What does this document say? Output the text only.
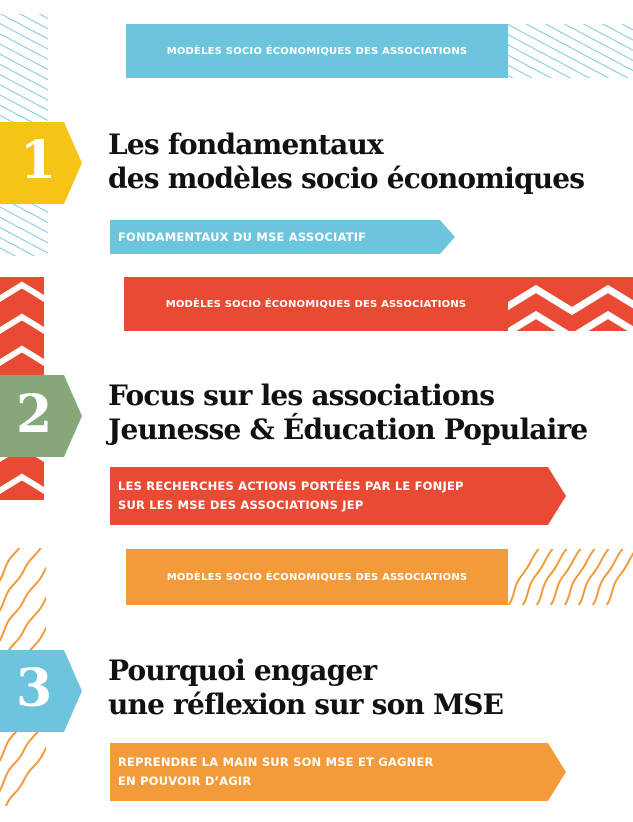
MODÈLES SOCIO ÉCONOMIQUES DES ASSOCIATIONS
1 Les fondamentaux
des modèles socio économiques
FONDAMENTAUX DU MSE ASSOCIATIF
MODÈLES SOCIO ÉCONOMIQUES DES ASSOCIATIONS
2 Focus sur les associations
Jeunesse & Éducation Populaire
LES RECHERCHES ACTIONS PORTÉES PAR LE FONJEP
SUR LES MSE DES ASSOCIATIONS JEP
MODÈLES SOCIO ÉCONOMIQUES DES ASSOCIATIONS
3 Pourquoi engager
une réflexion sur son MSE
REPRENDRE LA MAIN SUR SON MSE ET GAGNER
EN POUVOIR D’AGIR
